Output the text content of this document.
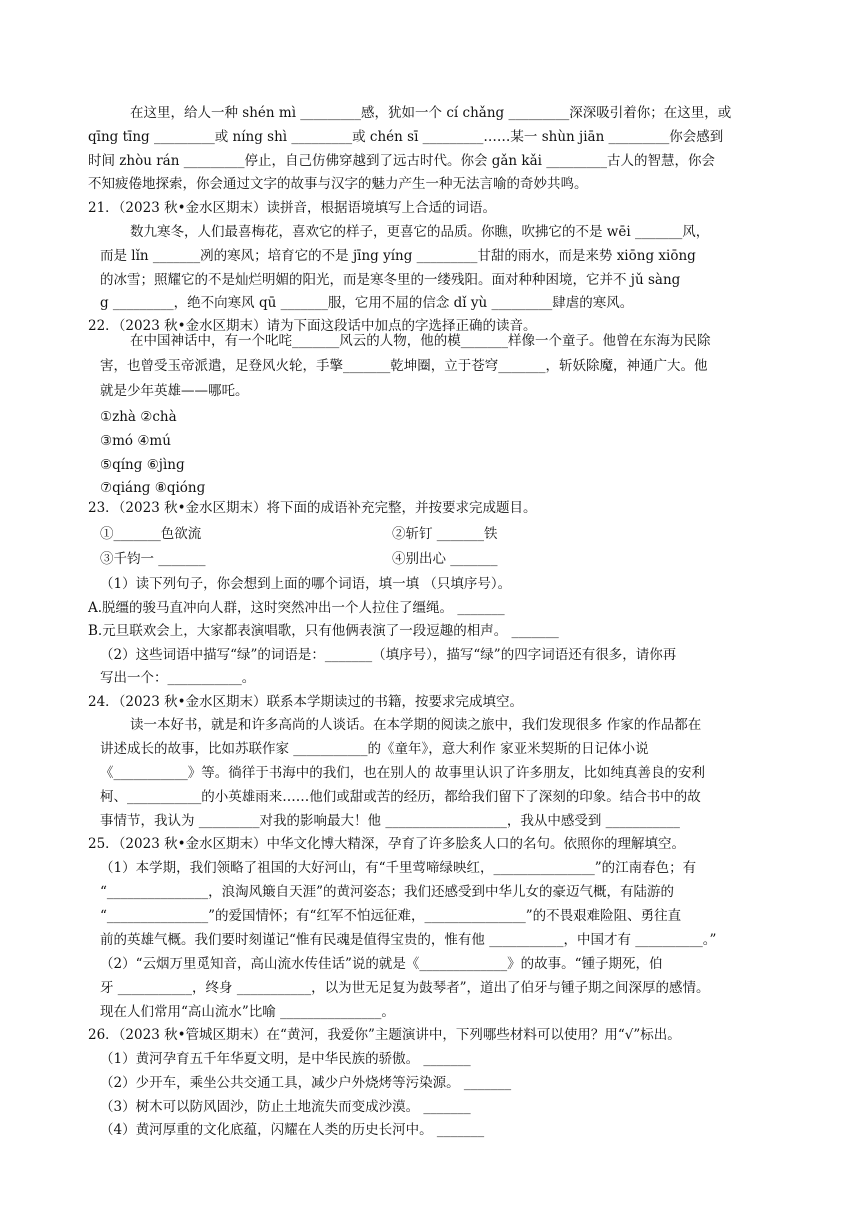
在这里，给人一种 shén mì _________感，犹如一个 cí chǎng _________深深吸引着你；在这里，或
qīng tīng _________或 níng shì _________或 chén sī _________……某一 shùn jiān _________你会感到
时间 zhòu rán _________停止，自己仿佛穿越到了远古时代。你会 gǎn kǎi _________古人的智慧，你会
不知疲倦地探索，你会通过文字的故事与汉字的魅力产生一种无法言喻的奇妙共鸣。
21．（2023 秋•金水区期末）读拼音，根据语境填写上合适的词语。
数九寒冬，人们最喜梅花，喜欢它的样子，更喜它的品质。你瞧，吹拂它的不是 wēi _______风，
而是 lǐn _______冽的寒风；培育它的不是 jīng yíng _________甘甜的雨水，而是来势 xiōng xiōng
的冰雪；照耀它的不是灿烂明媚的阳光，而是寒冬里的一缕残阳。面对种种困境，它并不 jǔ sàng
g _________，绝不向寒风 qū _______服，它用不屈的信念 dǐ yù _________肆虐的寒风。
22．（2023 秋•金水区期末）请为下面这段话中加点的字选择正确的读音。
在中国神话中，有一个叱咤_______风云的人物，他的模_______样像一个童子。他曾在东海为民除
害，也曾受玉帝派遣，足登风火轮，手擎_______乾坤圈，立于苍穹_______，斩妖除魔，神通广大。他
就是少年英雄——哪吒。
①zhà ②chà
③mó ④mú
⑤qínɡ ⑥jìnɡ
⑦qiánɡ ⑧qiónɡ
23．（2023 秋•金水区期末）将下面的成语补充完整，并按要求完成题目。
①_______色欲流	②斩钉 _______铁
③千钧一 _______	④别出心 _______
（1）读下列句子，你会想到上面的哪个词语，填一填 （只填序号）。
A.脱缰的骏马直冲向人群，这时突然冲出一个人拉住了缰绳。 _______
B.元旦联欢会上，大家都表演唱歌，只有他俩表演了一段逗趣的相声。 _______
（2）这些词语中描写“绿”的词语是：_______（填序号），描写“绿”的四字词语还有很多，请你再
写出一个：___________。
24．（2023 秋•金水区期末）联系本学期读过的书籍，按要求完成填空。
读一本好书，就是和许多高尚的人谈话。在本学期的阅读之旅中，我们发现很多 作家的作品都在
讲述成长的故事，比如苏联作家 ___________的《童年》，意大利作 家亚米契斯的日记体小说
《___________》等。徜徉于书海中的我们，也在别人的 故事里认识了许多朋友，比如纯真善良的安利
柯、___________的小英雄雨来……他们或甜或苦的经历，都给我们留下了深刻的印象。结合书中的故
事情节，我认为 _________对我的影响最大！他 __________________，我从中感受到 ___________
25．（2023 秋•金水区期末）中华文化博大精深，孕育了许多脍炙人口的名句。依照你的理解填空。
（1）本学期，我们领略了祖国的大好河山，有“千里莺啼绿映红，_______________”的江南春色；有
“_______________，浪淘风簸自天涯”的黄河姿态；我们还感受到中华儿女的豪迈气概，有陆游的
“_______________”的爱国情怀；有“红军不怕远征难，_______________”的不畏艰难险阻、勇往直
前的英雄气概。我们要时刻谨记“惟有民魂是值得宝贵的，惟有他 ___________，中国才有 __________。”
（2）“云烟万里觅知音，高山流水传佳话”说的就是《_____________》的故事。“锺子期死，伯
牙 ___________，终身 ___________，以为世无足复为鼓琴者”，道出了伯牙与锺子期之间深厚的感情。
现在人们常用“高山流水”比喻 _______________。
26．（2023 秋•管城区期末）在“黄河，我爱你”主题演讲中，下列哪些材料可以使用？用“√”标出。
（1）黄河孕育五千年华夏文明，是中华民族的骄傲。 _______
（2）少开车，乘坐公共交通工具，减少户外烧烤等污染源。 _______
（3）树木可以防风固沙，防止土地流失而变成沙漠。 _______
（4）黄河厚重的文化底蕴，闪耀在人类的历史长河中。 _______
